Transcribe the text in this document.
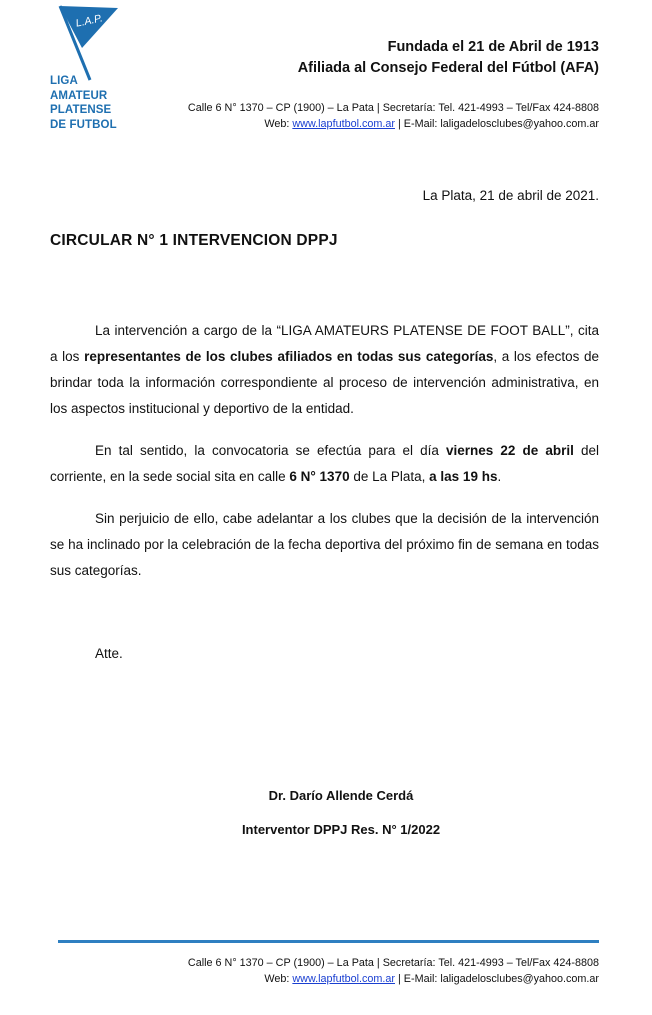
L.A.P.
LIGA
AMATEUR
PLATENSE
DE FUTBOL
Fundada el 21 de Abril de 1913
Afiliada al Consejo Federal del Fútbol (AFA)
Calle 6 N° 1370 – CP (1900) – La Pata | Secretaría: Tel. 421-4993 – Tel/Fax 424-8808
Web: www.lapfutbol.com.ar | E-Mail: laligadelosclubes@yahoo.com.ar
La Plata, 21 de abril de 2021.
CIRCULAR N° 1 INTERVENCION DPPJ

La intervención a cargo de la “LIGA AMATEURS PLATENSE DE FOOT BALL”, cita a los representantes de los clubes afiliados en todas sus categorías, a los efectos de brindar toda la información correspondiente al proceso de intervención administrativa, en los aspectos institucional y deportivo de la entidad.

En tal sentido, la convocatoria se efectúa para el día viernes 22 de abril del corriente, en la sede social sita en calle 6 N° 1370 de La Plata, a las 19 hs.

Sin perjuicio de ello, cabe adelantar a los clubes que la decisión de la intervención se ha inclinado por la celebración de la fecha deportiva del próximo fin de semana en todas sus categorías.

Atte.
Dr. Darío Allende Cerdá
Interventor DPPJ Res. N° 1/2022
Calle 6 N° 1370 – CP (1900) – La Pata | Secretaría: Tel. 421-4993 – Tel/Fax 424-8808
Web: www.lapfutbol.com.ar | E-Mail: laligadelosclubes@yahoo.com.ar
